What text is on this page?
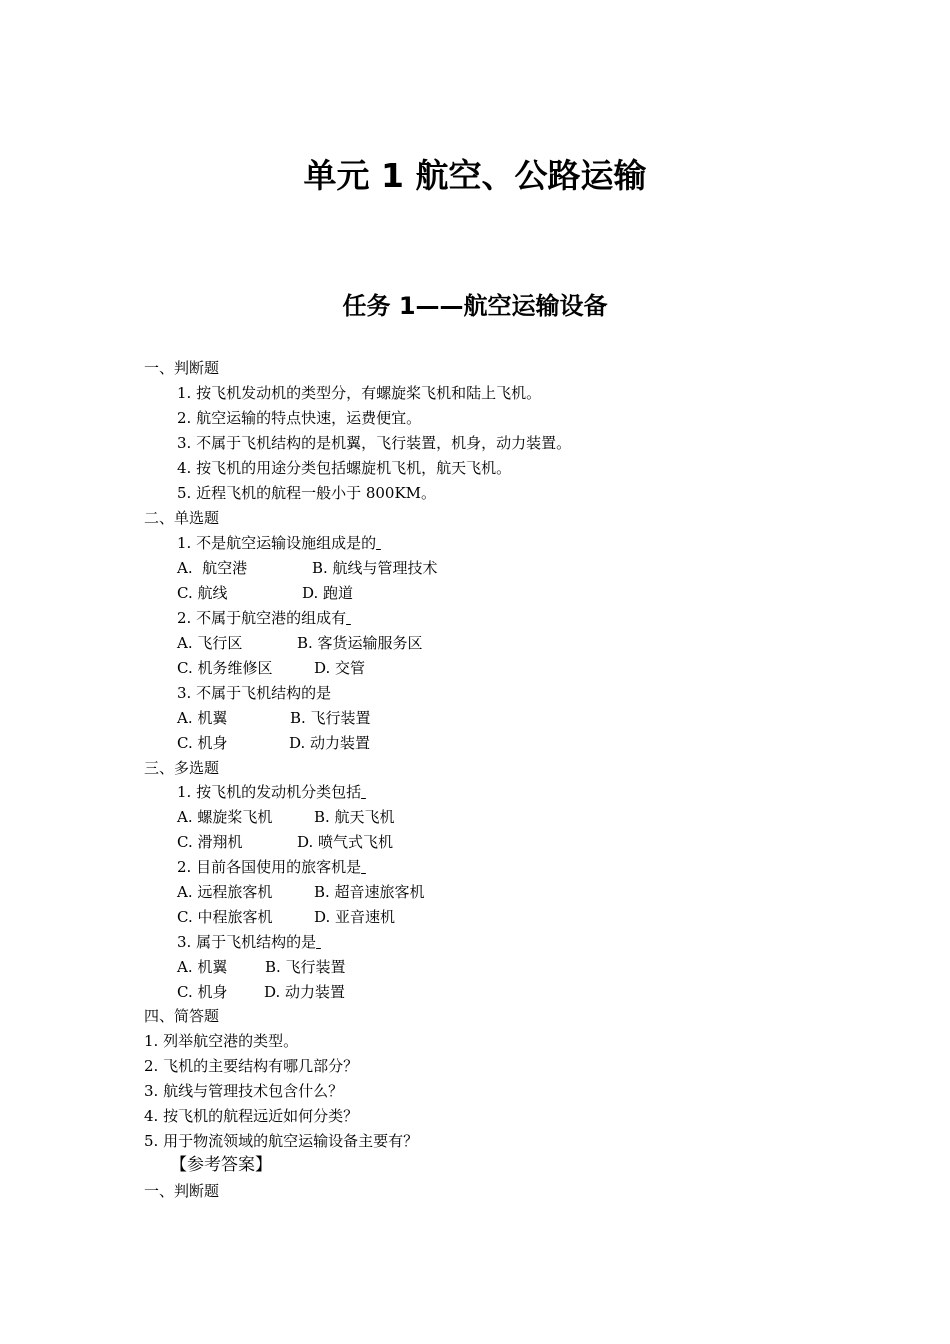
单元 1 航空、公路运输
任务 1——航空运输设备
一、判断题
1. 按飞机发动机的类型分，有螺旋桨飞机和陆上飞机。
2. 航空运输的特点快速，运费便宜。
3. 不属于飞机结构的是机翼，飞行装置，机身，动力装置。
4. 按飞机的用途分类包括螺旋机飞机，航天飞机。
5. 近程飞机的航程一般小于 800KM。
二、单选题
1. 不是航空运输设施组成是的
A.  航空港	B. 航线与管理技术
C. 航线	D. 跑道
2. 不属于航空港的组成有
A. 飞行区	B. 客货运输服务区
C. 机务维修区	D. 交管
3. 不属于飞机结构的是
A. 机翼	B. 飞行装置
C. 机身	D. 动力装置
三、多选题
1. 按飞机的发动机分类包括
A. 螺旋桨飞机	B. 航天飞机
C. 滑翔机	D. 喷气式飞机
2. 目前各国使用的旅客机是
A. 远程旅客机	B. 超音速旅客机
C. 中程旅客机	D. 亚音速机
3. 属于飞机结构的是
A. 机翼	B. 飞行装置
C. 机身 D. 动力装置
四、简答题
1. 列举航空港的类型。
2. 飞机的主要结构有哪几部分？
3. 航线与管理技术包含什么？
4. 按飞机的航程远近如何分类？
5. 用于物流领域的航空运输设备主要有？
【参考答案】
一、判断题
